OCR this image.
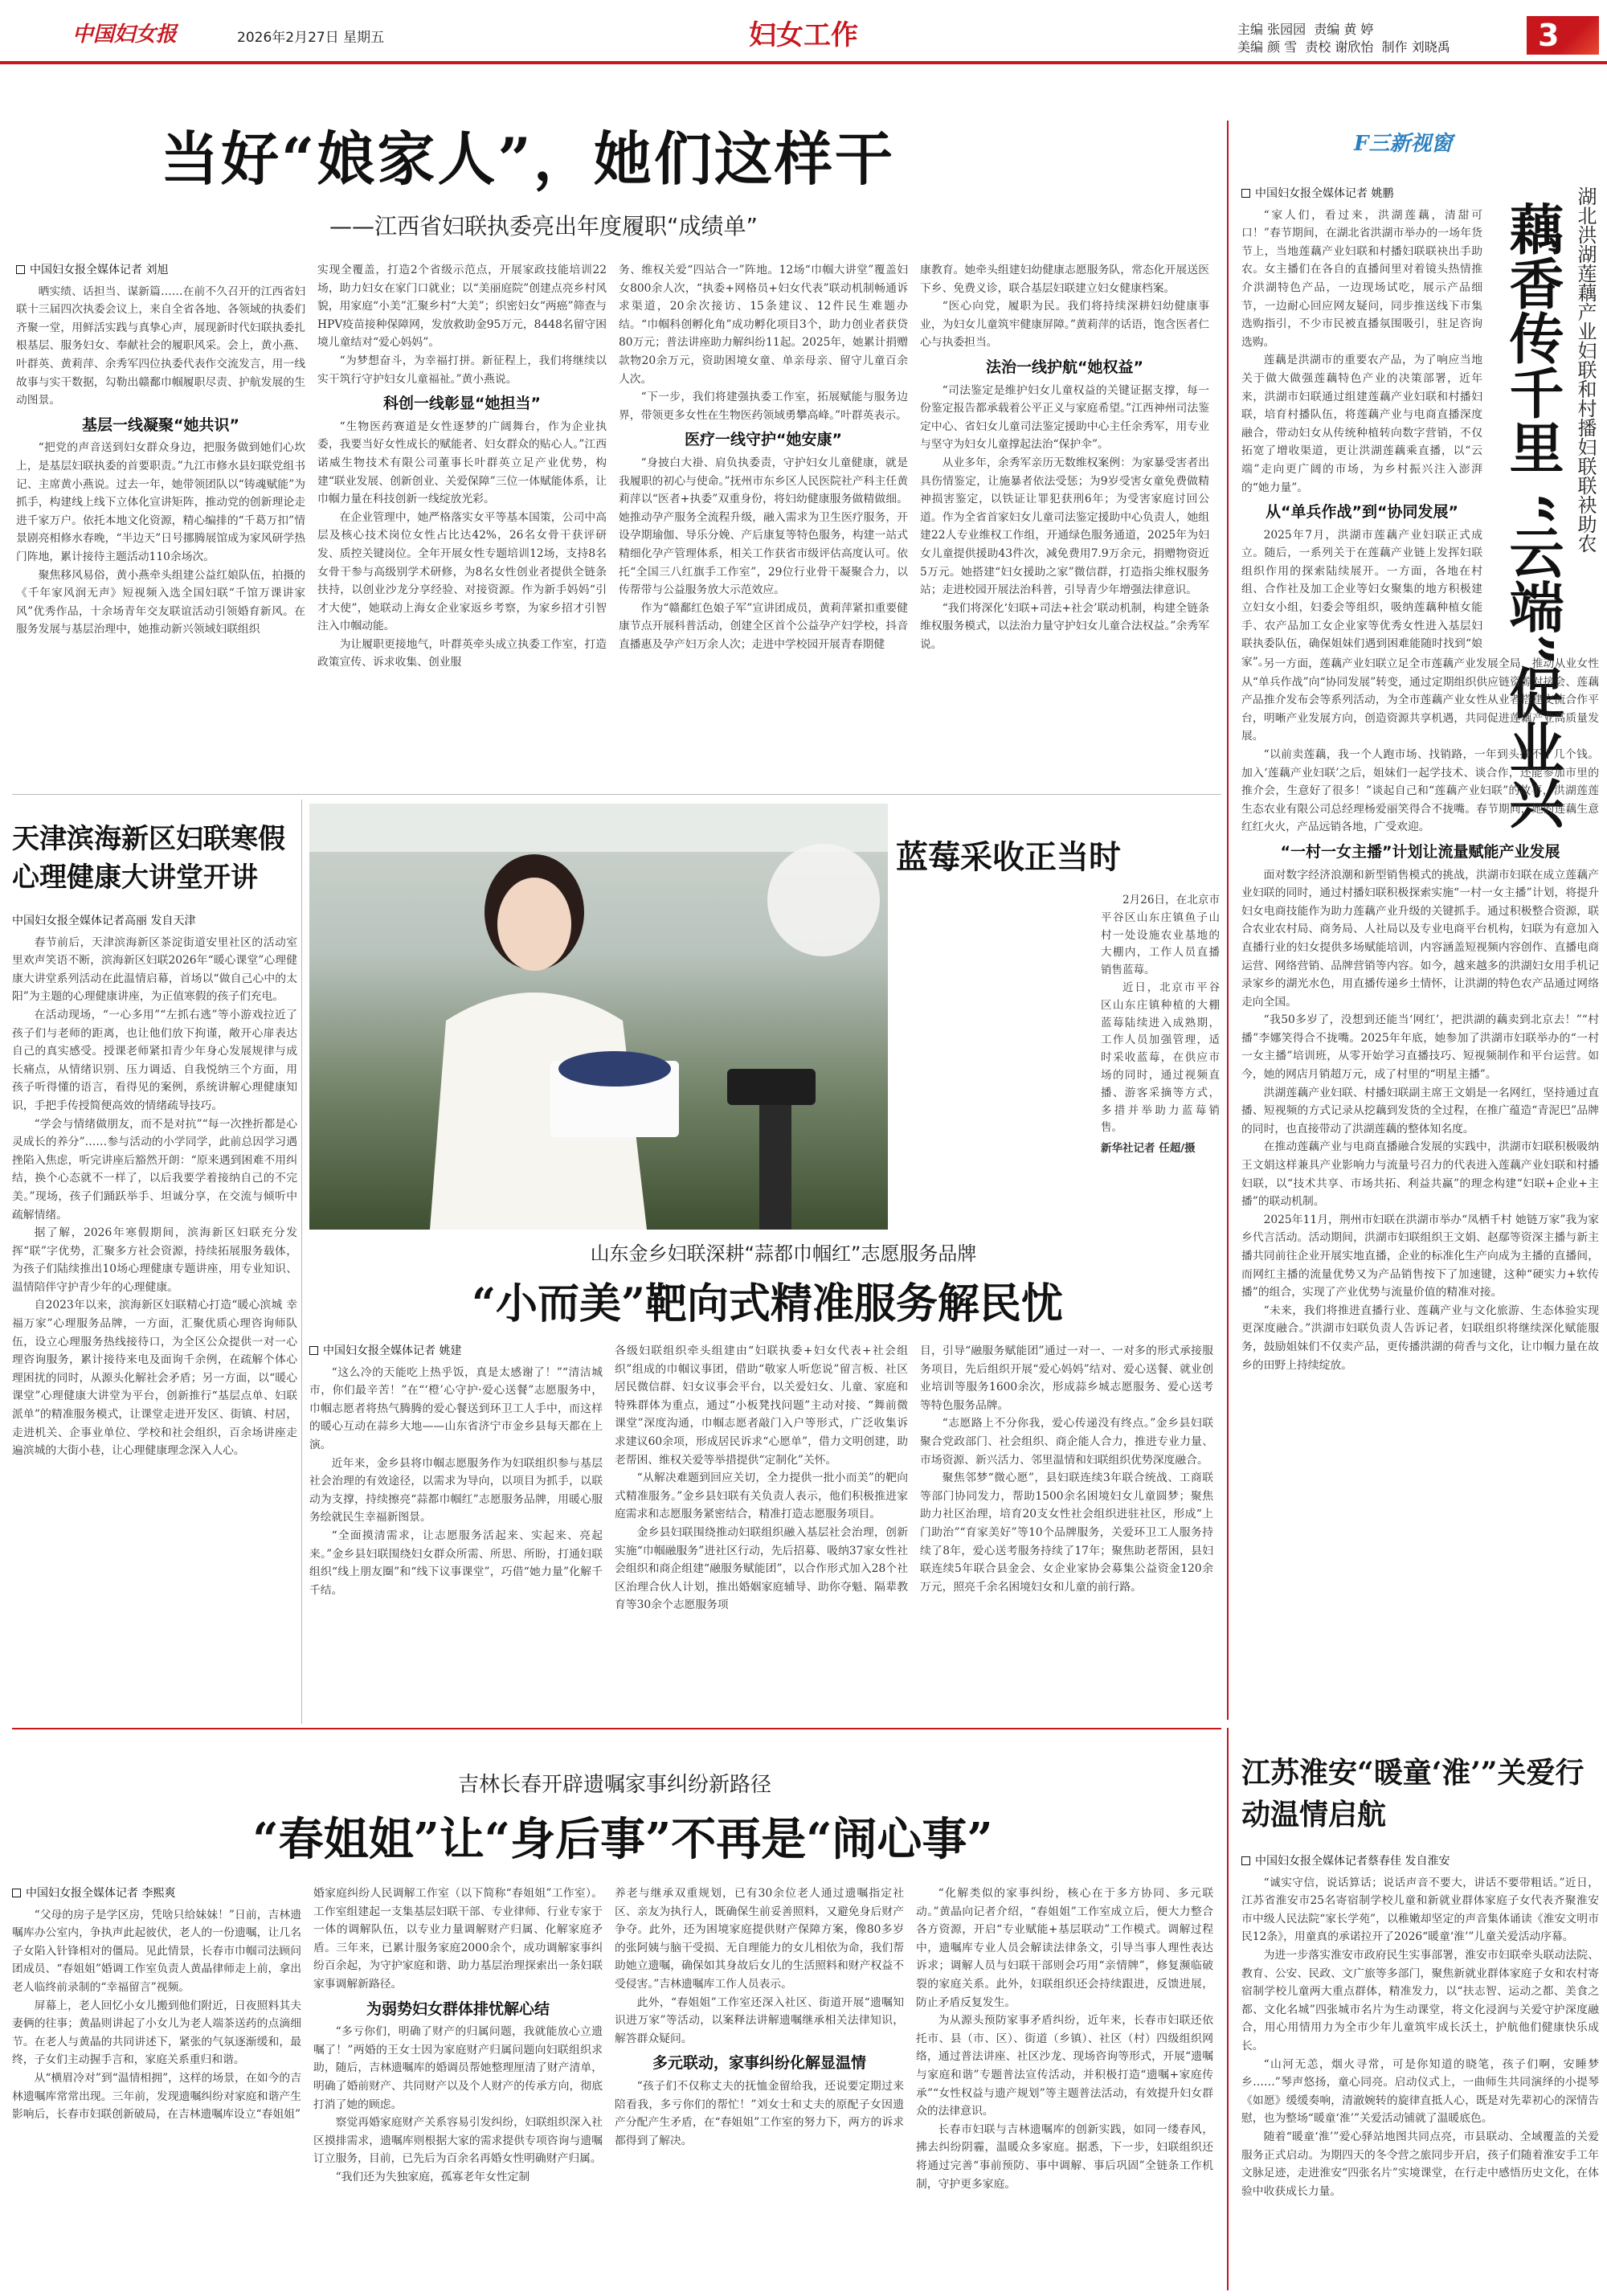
中国妇女报	2026年2月27日 星期五	妇女工作	主编 张园园  责编 黄 婷
美编 颜 雪  责校 谢欣怡  制作 刘晓禹	3
当好“娘家人”，她们这样干
——江西省妇联执委亮出年度履职“成绩单”
中国妇女报全媒体记者 刘旭

晒实绩、话担当、谋新篇……在前不久召开的江西省妇联十三届四次执委会议上，来自全省各地、各领域的执委们齐聚一堂，用鲜活实践与真挚心声，展现新时代妇联执委扎根基层、服务妇女、奉献社会的履职风采。会上，黄小燕、叶群英、黄莉萍、余秀军四位执委代表作交流发言，用一线故事与实干数据，勾勒出赣鄱巾帼履职尽责、护航发展的生动图景。

基层一线凝聚“她共识”

“把党的声音送到妇女群众身边，把服务做到她们心坎上，是基层妇联执委的首要职责。”九江市修水县妇联党组书记、主席黄小燕说。过去一年，她带领团队以“铸魂赋能”为抓手，构建线上线下立体化宣讲矩阵，推动党的创新理论走进千家万户。依托本地文化资源，精心编排的“千葛万扣”情景剧亮相修水春晚，“半边天”日号挪腾展馆成为家风研学热门阵地，累计接待主题活动110余场次。

聚焦移风易俗，黄小燕牵头组建公益红娘队伍，拍摄的《千年家风润无声》短视频入选全国妇联“千馆万课讲家风”优秀作品，十余场青年交友联谊活动引领婚育新风。在服务发展与基层治理中，她推动新兴领域妇联组织

实现全覆盖，打造2个省级示范点，开展家政技能培训22场，助力妇女在家门口就业；以“美丽庭院”创建点亮乡村风貌，用家庭“小美”汇聚乡村“大美”；织密妇女“两癌”筛查与HPV疫苗接种保障网，发放救助金95万元，8448名留守困境儿童结对“爱心妈妈”。

“为梦想奋斗，为幸福打拼。新征程上，我们将继续以实干筑行守护妇女儿童福祉。”黄小燕说。

科创一线彰显“她担当”

“生物医药赛道是女性逐梦的广阔舞台，作为企业执委，我要当好女性成长的赋能者、妇女群众的贴心人。”江西诺威生物技术有限公司董事长叶群英立足产业优势，构建“联业发展、创新创业、关爱保障”三位一体赋能体系，让巾帼力量在科技创新一线绽放光彩。

在企业管理中，她严格落实女平等基本国策，公司中高层及核心技术岗位女性占比达42%，26名女骨干获评研发、质控关键岗位。全年开展女性专题培训12场，支持8名女骨干参与高级别学术研修，为8名女性创业者提供全链条扶持，以创业沙龙分享经验、对接资源。作为新手妈妈“引才大使”，她联动上海女企业家返乡考察，为家乡招才引智注入巾帼动能。

为让履职更接地气，叶群英牵头成立执委工作室，打造政策宣传、诉求收集、创业服

务、维权关爱“四站合一”阵地。12场“巾帼大讲堂”覆盖妇女800余人次，“执委+网格员+妇女代表”联动机制畅通诉求渠道，20余次接访、15条建议、12件民生难题办结。“巾帼科创孵化角”成功孵化项目3个，助力创业者获贷80万元；普法讲座助力解纠纷11起。2025年，她累计捐赠款物20余万元，资助困境女童、单亲母亲、留守儿童百余人次。

“下一步，我们将建强执委工作室，拓展赋能与服务边界，带领更多女性在生物医药领域勇攀高峰。”叶群英表示。

医疗一线守护“她安康”

“身披白大褂、肩负执委责，守护妇女儿童健康，就是我履职的初心与使命。”抚州市东乡区人民医院社产科主任黄莉萍以“医者+执委”双重身份，将妇幼健康服务做精做细。她推动孕产服务全流程升级，融入需求为卫生医疗服务，开设孕期瑜伽、导乐分娩、产后康复等特色服务，构建一站式精细化孕产管理体系，相关工作获省市级评估高度认可。依托“全国三八红旗手工作室”，29位行业骨干凝聚合力，以传帮带与公益服务放大示范效应。

作为“赣鄱红色娘子军”宣讲团成员，黄莉萍紧扣重要健康节点开展科普活动，创建全区首个公益孕产妇学校，抖音直播惠及孕产妇万余人次；走进中学校园开展青春期健

康教育。她牵头组建妇幼健康志愿服务队，常态化开展送医下乡、免费义诊，联合基层妇联建立妇女健康档案。

“医心向党，履职为民。我们将持续深耕妇幼健康事业，为妇女儿童筑牢健康屏障。”黄莉萍的话语，饱含医者仁心与执委担当。

法治一线护航“她权益”

“司法鉴定是维护妇女儿童权益的关键证据支撑，每一份鉴定报告都承载着公平正义与家庭希望。”江西神州司法鉴定中心、省妇女儿童司法鉴定援助中心主任余秀军，用专业与坚守为妇女儿童撑起法治“保护伞”。

从业多年，余秀军亲历无数维权案例：为家暴受害者出具伤情鉴定，让施暴者依法受惩；为9岁受害女童免费做精神损害鉴定，以铁证让罪犯获刑6年；为受害家庭讨回公道。作为全省首家妇女儿童司法鉴定援助中心负责人，她组建22人专业维权工作组，开通绿色服务通道，2025年为妇女儿童提供援助43件次，减免费用7.9万余元，捐赠物资近5万元。她搭建“妇女援助之家”微信群，打造指尖维权服务站；走进校园开展法治科普，引导青少年增强法律意识。

“我们将深化‘妇联+司法+社会’联动机制，构建全链条维权服务模式，以法治力量守护妇女儿童合法权益。”余秀军说。

F三新视窗
藕香传千里 “云端”促业兴 湖北洪湖莲藕产业妇联和村播妇联联袂助农
中国妇女报全媒体记者 姚鹏

“家人们，看过来，洪湖莲藕，清甜可口！”春节期间，在湖北省洪湖市举办的一场年货节上，当地莲藕产业妇联和村播妇联联袂出手助农。女主播们在各自的直播间里对着镜头热情推介洪湖特色产品，一边现场试吃，展示产品细节，一边耐心回应网友疑问，同步推送线下市集选购指引，不少市民被直播氛围吸引，驻足咨询选购。

莲藕是洪湖市的重要农产品，为了响应当地关于做大做强莲藕特色产业的决策部署，近年来，洪湖市妇联通过组建莲藕产业妇联和村播妇联，培育村播队伍，将莲藕产业与电商直播深度融合，带动妇女从传统种植转向数字营销，不仅拓宽了增收渠道，更让洪湖莲藕乘直播，以“云端”走向更广阔的市场，为乡村振兴注入澎湃的“她力量”。

从“单兵作战”到“协同发展”

2025年7月，洪湖市莲藕产业妇联正式成立。随后，一系列关于在莲藕产业链上发挥妇联组织作用的探索陆续展开。一方面，各地在村组、合作社及加工企业等妇女聚集的地方积极建立妇女小组，妇委会等组织，吸纳莲藕种植女能手、农产品加工女企业家等优秀女性进入基层妇联执委队伍，确保姐妹们遇到困难能随时找到“娘家”。

另一方面，莲藕产业妇联立足全市莲藕产业发展全局，推动从业女性从“单兵作战”向“协同发展”转变，通过定期组织供应链资源对接会、莲藕产品推介发布会等系列活动，为全市莲藕产业女性从业者搭建交流合作平台，明晰产业发展方向，创造资源共享机遇，共同促进莲藕产业高质量发展。

“以前卖莲藕，我一个人跑市场、找销路，一年到头挣不了几个钱。加入‘莲藕产业妇联’之后，姐妹们一起学技术、谈合作，还能参加市里的推介会，生意好了很多！”谈起自己和“莲藕产业妇联”的故事，洪湖莲莲生态农业有限公司总经理杨爱丽笑得合不拢嘴。春节期间，她的莲藕生意红红火火，产品远销各地，广受欢迎。

“一村一女主播”计划让流量赋能产业发展

面对数字经济浪潮和新型销售模式的挑战，洪湖市妇联在成立莲藕产业妇联的同时，通过村播妇联积极探索实施“一村一女主播”计划，将提升妇女电商技能作为助力莲藕产业升级的关键抓手。通过积极整合资源，联合农业农村局、商务局、人社局以及专业电商平台机构，妇联为有意加入直播行业的妇女提供多场赋能培训，内容涵盖短视频内容创作、直播电商运营、网络营销、品牌营销等内容。如今，越来越多的洪湖妇女用手机记录家乡的湖光水色，用直播传递乡土情怀，让洪湖的特色农产品通过网络走向全国。

“我50多岁了，没想到还能当‘网红’，把洪湖的藕卖到北京去！”“村播”李娜笑得合不拢嘴。2025年年底，她参加了洪湖市妇联举办的“一村一女主播”培训班，从零开始学习直播技巧、短视频制作和平台运营。如今，她的网店月销超万元，成了村里的“明星主播”。

洪湖莲藕产业妇联、村播妇联副主席王文娟是一名网红，坚持通过直播、短视频的方式记录从挖藕到发货的全过程，在推广蕴造“青泥巴”品牌的同时，也直接带动了洪湖莲藕的整体知名度。

在推动莲藕产业与电商直播融合发展的实践中，洪湖市妇联积极吸纳王文娟这样兼具产业影响力与流量号召力的代表进入莲藕产业妇联和村播妇联，以“技术共享、市场共拓、利益共赢”的理念构建“妇联+企业+主播”的联动机制。

2025年11月，荆州市妇联在洪湖市举办“凤栖千村 她链万家”我为家乡代言活动。活动期间，洪湖市妇联组织王文娟、赵鄢等资深主播与新主播共同前往企业开展实地直播，企业的标准化生产向成为主播的直播间，而网红主播的流量优势又为产品销售按下了加速键，这种“硬实力+软传播”的组合，实现了产业优势与流量价值的精准对接。

“未来，我们将推进直播行业、莲藕产业与文化旅游、生态体验实现更深度融合。”洪湖市妇联负责人告诉记者，妇联组织将继续深化赋能服务，鼓励姐妹们不仅卖产品，更传播洪湖的荷香与文化，让巾帼力量在故乡的田野上持续绽放。

天津滨海新区妇联寒假心理健康大讲堂开讲
中国妇女报全媒体记者高丽 发自天津

春节前后，天津滨海新区茶淀街道安里社区的活动室里欢声笑语不断，滨海新区妇联2026年“暖心课堂”心理健康大讲堂系列活动在此温情启幕，首场以“做自己心中的太阳”为主题的心理健康讲座，为正值寒假的孩子们充电。

在活动现场，“一心多用”“左抓右逃”等小游戏拉近了孩子们与老师的距离，也让他们放下拘谨，敞开心扉表达自己的真实感受。授课老师紧扣青少年身心发展规律与成长痛点，从情绪识别、压力调适、自我悦纳三个方面，用孩子听得懂的语言，看得见的案例，系统讲解心理健康知识，手把手传授简便高效的情绪疏导技巧。

“学会与情绪做朋友，而不是对抗”“每一次挫折都是心灵成长的养分”……参与活动的小学同学，此前总因学习遇挫陷入焦虑，听完讲座后豁然开朗：“原来遇到困难不用纠结，换个心态就不一样了，以后我要学着接纳自己的不完美。”现场，孩子们踊跃举手、坦诚分享，在交流与倾听中疏解情绪。

据了解，2026年寒假期间，滨海新区妇联充分发挥“联”字优势，汇聚多方社会资源，持续拓展服务载体，为孩子们陆续推出10场心理健康专题讲座，用专业知识、温情陪伴守护青少年的心理健康。

自2023年以来，滨海新区妇联精心打造“暖心滨城 幸福万家”心理服务品牌，一方面，汇聚优质心理咨询师队伍，设立心理服务热线接待口，为全区公众提供一对一心理咨询服务，累计接待来电及面询千余例，在疏解个体心理困扰的同时，从源头化解社会矛盾；另一方面，以“暖心课堂”心理健康大讲堂为平台，创新推行“基层点单、妇联派单”的精准服务模式，让课堂走进开发区、街镇、村居，走进机关、企事业单位、学校和社会组织，百余场讲座走遍滨城的大街小巷，让心理健康理念深入人心。

蓝莓采收正当时

2月26日，在北京市平谷区山东庄镇鱼子山村一处设施农业基地的大棚内，工作人员直播销售蓝莓。

近日，北京市平谷区山东庄镇种植的大棚蓝莓陆续进入成熟期，工作人员加强管理，适时采收蓝莓，在供应市场的同时，通过视频直播、游客采摘等方式，多措并举助力蓝莓销售。

新华社记者 任超/摄
山东金乡妇联深耕“蒜都巾帼红”志愿服务品牌
“小而美”靶向式精准服务解民忧
中国妇女报全媒体记者 姚建

“这么冷的天能吃上热乎饭，真是太感谢了！”“清洁城市，你们最辛苦！”在“‘橙’心守护·爱心送餐”志愿服务中，巾帼志愿者将热气腾腾的爱心餐送到环卫工人手中，而这样的暖心互动在蒜乡大地——山东省济宁市金乡县每天都在上演。

近年来，金乡县将巾帼志愿服务作为妇联组织参与基层社会治理的有效途径，以需求为导向，以项目为抓手，以联动为支撑，持续擦亮“蒜都巾帼红”志愿服务品牌，用暖心服务绘就民生幸福新图景。

“全面摸清需求，让志愿服务活起来、实起来、亮起来。”金乡县妇联围绕妇女群众所需、所思、所盼，打通妇联组织“线上朋友圈”和“线下议事课堂”，巧借“她力量”化解千千结。

各级妇联组织牵头组建由“妇联执委+妇女代表+社会组织”组成的巾帼议事团，借助“敬家人听您说”留言板、社区居民微信群、妇女议事会平台，以关爱妇女、儿童、家庭和特殊群体为重点，通过“小板凳找问题”主动对接、“舞前微课堂”深度沟通，巾帼志愿者敲门入户等形式，广泛收集诉求建议60余项，形成居民诉求“心愿单”，借力文明创建，助老帮困、维权关爱等举措提供“定制化”关怀。

“从解决难题到回应关切，全力提供一批小而美”的靶向式精准服务。”金乡县妇联有关负责人表示，他们积极推进家庭需求和志愿服务紧密结合，精准打造志愿服务项目。

金乡县妇联围绕推动妇联组织融入基层社会治理，创新实施“巾帼融服务”进社区行动，先后招募、吸纳37家女性社会组织和商企组建“融服务赋能团”，以合作形式加入28个社区治理合伙人计划，推出婚姻家庭辅导、助你夺魁、隔辈教育等30余个志愿服务项

目，引导“融服务赋能团”通过一对一、一对多的形式承接服务项目，先后组织开展“爱心妈妈”结对、爱心送餐、就业创业培训等服务1600余次，形成蒜乡城志愿服务、爱心送考等特色服务品牌。

“志愿路上不分你我，爱心传递没有终点。”金乡县妇联聚合党政部门、社会组织、商企能人合力，推进专业力量、市场资源、新兴活力、邻里温情和妇联组织优势深度融合。

聚焦邻梦“微心愿”，县妇联连续3年联合统战、工商联等部门协同发力，帮助1500余名困境妇女儿童圆梦；聚焦助力社区治理，培育20支女性社会组织进驻社区，形成“上门助治”“育家美好”等10个品牌服务，关爱环卫工人服务持续了8年，爱心送考服务持续了17年；聚焦助老帮困，县妇联连续5年联合县金会、女企业家协会募集公益资金120余万元，照亮千余名困境妇女和儿童的前行路。

吉林长春开辟遗嘱家事纠纷新路径
“春姐姐”让“身后事”不再是“闹心事”
中国妇女报全媒体记者 李熙爽

“父母的房子是学区房，凭啥只给妹妹！”日前，吉林遗嘱库办公室内，争执声此起彼伏，老人的一份遗嘱，让几名子女陷入针锋相对的僵局。见此情景，长春市巾帼司法顾问团成员、“春姐姐”婚调工作室负责人黄晶律师走上前，拿出老人临终前录制的“幸福留言”视频。

屏幕上，老人回忆小女儿搬到他们附近，日夜照料其夫妻俩的往事；黄晶则讲起了小女儿为老人端茶送药的点滴细节。在老人与黄晶的共同讲述下，紧张的气氛逐渐缓和，最终，子女们主动握手言和，家庭关系重归和谐。

从“横眉冷对”到“温情相拥”，这样的场景，在如今的吉林遗嘱库常常出现。三年前，发现遗嘱纠纷对家庭和谐产生影响后，长春市妇联创新破局，在吉林遗嘱库设立“春姐姐”

婚家庭纠纷人民调解工作室（以下简称“春姐姐”工作室）。工作室组建起一支集基层妇联干部、专业律师、行业专家于一体的调解队伍，以专业力量调解财产归属、化解家庭矛盾。三年来，已累计服务家庭2000余个，成功调解家事纠纷百余起，为守护家庭和谐、助力基层治理探索出一条妇联家事调解新路径。

为弱势妇女群体排忧解心结

“多亏你们，明确了财产的归属问题，我就能放心立遗嘱了！”两婚的王女士因为家庭财产归属问题向妇联组织求助，随后，吉林遗嘱库的婚调员帮她整理厘清了财产清单，明确了婚前财产、共同财产以及个人财产的传承方向，彻底打消了她的顾虑。

察觉再婚家庭财产关系容易引发纠纷，妇联组织深入社区摸排需求，遗嘱库则根据大家的需求提供专项咨询与遗嘱订立服务，目前，已先后为百余名再婚女性明确财产归属。

“我们还为失独家庭，孤寡老年女性定制

养老与继承双重规划，已有30余位老人通过遗嘱指定社区、亲友为执行人，既确保生前妥善照料，又避免身后财产争夺。此外，还为困境家庭提供财产保障方案，像80多岁的张阿姨与脑干受损、无自理能力的女儿相依为命，我们帮助她立遗嘱，确保如其身故后女儿的生活照料和财产权益不受侵害。”吉林遗嘱库工作人员表示。

此外，“春姐姐”工作室还深入社区、街道开展“遗嘱知识进万家”等活动，以案释法讲解遗嘱继承相关法律知识，解答群众疑问。

多元联动，家事纠纷化解显温情

“孩子们不仅称丈夫的抚恤金留给我，还说要定期过来陪看我，多亏你们的帮忙！”刘女士和丈夫的原配子女因遗产分配产生矛盾，在“春姐姐”工作室的努力下，两方的诉求都得到了解决。

“化解类似的家事纠纷，核心在于多方协同、多元联动。”黄晶向记者介绍，“春姐姐”工作室成立后，便大力整合各方资源，开启“专业赋能+基层联动”工作模式。调解过程中，遗嘱库专业人员会解读法律条文，引导当事人理性表达诉求；调解人员与妇联干部则会巧用“亲情牌”，修复濒临破裂的家庭关系。此外，妇联组织还会持续跟进，反馈进展，防止矛盾反复发生。

为从源头预防家事矛盾纠纷，近年来，长春市妇联还依托市、县（市、区）、街道（乡镇）、社区（村）四级组织网络，通过普法讲座、社区沙龙、现场咨询等形式，开展“遗嘱与家庭和谐”专题普法宣传活动，并积极打造“遗嘱+家庭传承”“女性权益与遗产规划”等主题普法活动，有效提升妇女群众的法律意识。

长春市妇联与吉林遗嘱库的创新实践，如同一缕春风，拂去纠纷阴霾，温暖众多家庭。据悉，下一步，妇联组织还将通过完善“事前预防、事中调解、事后巩固”全链条工作机制，守护更多家庭。

江苏淮安“暖童‘淮’”关爱行动温情启航
中国妇女报全媒体记者蔡春佳 发自淮安

“诚实守信，说话算话；说话声音不要大，讲话不要带粗话。”近日，江苏省淮安市25名寄宿制学校儿童和新就业群体家庭子女代表齐聚淮安市中级人民法院“家长学苑”，以稚嫩却坚定的声音集体诵读《淮安文明市民12条》，用童真的承诺拉开了2026“暖童‘淮’”儿童关爱活动序幕。

为进一步落实淮安市政府民生实事部署，淮安市妇联牵头联动法院、教育、公安、民政、文广旅等多部门，聚焦新就业群体家庭子女和农村寄宿制学校儿童两大重点群体，精准发力，以“扶志智、运动之都、美食之都、文化名城”四张城市名片为生动课堂，将文化浸润与关爱守护深度融合，用心用情用力为全市少年儿童筑牢成长沃土，护航他们健康快乐成长。

“山河无恙，烟火寻常，可是你知道的晓笔，孩子们啊，安睡梦乡……”琴声悠扬，童心同亮。启动仪式上，一曲师生共同演绎的小提琴《如愿》缓缓奏响，清澈婉转的旋律直抵人心，既是对先辈初心的深情告慰，也为整场“暖童‘淮’”关爱活动铺就了温暖底色。

随着“暖童‘淮’”爱心驿站地图共同点亮，市县联动、全域覆盖的关爱服务正式启动。为期四天的冬令营之旅同步开启，孩子们随着淮安手工年文脉足迹，走进淮安“四张名片”实境课堂，在行走中感悟历史文化，在体验中收获成长力量。
